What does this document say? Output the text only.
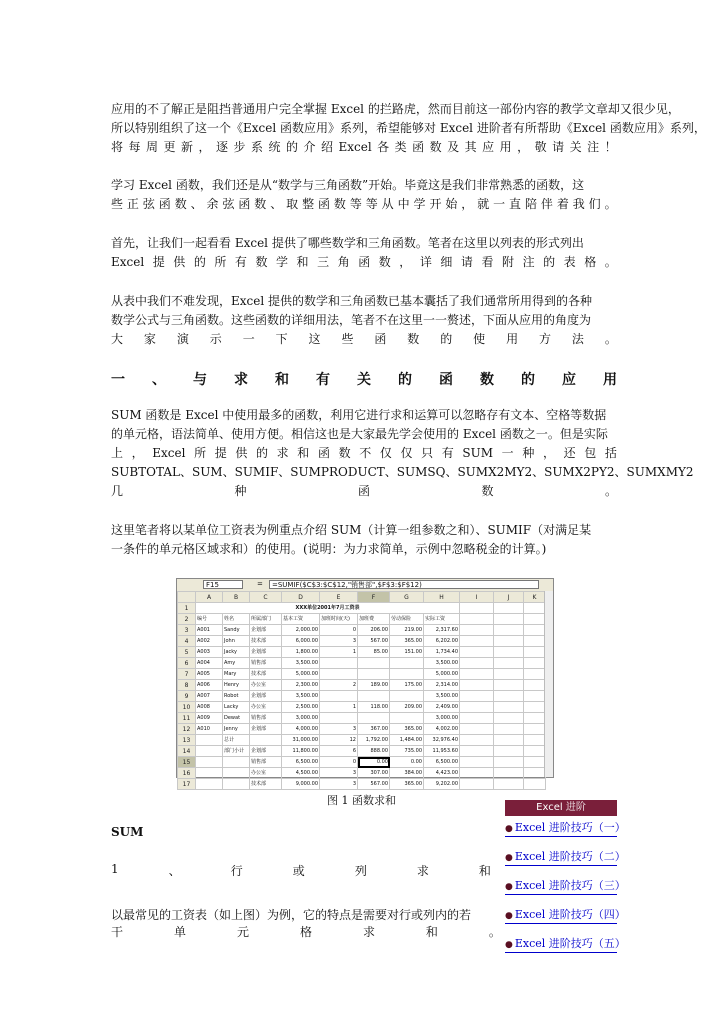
应用的不了解正是阻挡普通用户完全掌握 Excel 的拦路虎，然而目前这一部份内容的教学文章却又很少见，
所以特别组织了这一个《Excel 函数应用》系列，希望能够对 Excel 进阶者有所帮助《Excel 函数应用》系列，
将 每 周 更 新 ， 逐 步 系 统 的 介 绍 Excel 各 类 函 数 及 其 应 用 ， 敬 请 关 注 ！
学习 Excel 函数，我们还是从“数学与三角函数”开始。毕竟这是我们非常熟悉的函数，这
些 正 弦 函 数 、 余 弦 函 数 、 取 整 函 数 等 等 从 中 学 开 始 ， 就 一 直 陪 伴 着 我 们 。
首先，让我们一起看看 Excel 提供了哪些数学和三角函数。笔者在这里以列表的形式列出
Excel 提 供 的 所 有 数 学 和 三 角 函 数 ， 详 细 请 看 附 注 的 表 格 。
从表中我们不难发现，Excel 提供的数学和三角函数已基本囊括了我们通常所用得到的各种
数学公式与三角函数。这些函数的详细用法，笔者不在这里一一赘述，下面从应用的角度为
大 家 演 示 一 下 这 些 函 数 的 使 用 方 法 。
一 、 与 求 和 有 关 的 函 数 的 应 用
SUM 函数是 Excel 中使用最多的函数，利用它进行求和运算可以忽略存有文本、空格等数据
的单元格，语法简单、使用方便。相信这也是大家最先学会使用的 Excel 函数之一。但是实际
上 ， Excel 所 提 供 的 求 和 函 数 不 仅 仅 只 有 SUM 一 种 ， 还 包 括
SUBTOTAL、SUM、SUMIF、SUMPRODUCT、SUMSQ、SUMX2MY2、SUMX2PY2、SUMXMY2
几	种	函	数	。
这里笔者将以某单位工资表为例重点介绍 SUM（计算一组参数之和）、SUMIF（对满足某
一条件的单元格区域求和）的使用。(说明：为力求简单，示例中忽略税金的计算。)
F15	=	=SUMIF($C$3:$C$12,"销售部",$F$3:$F$12)
	A	B	C	D	E	F	G	H	I	J	K
1	XXX单位2001年7月工资表										
2	编号	姓名	所属部门	基本工资	加班时间(天)	加班费	劳动保险	实际工资			
3	A001	Sandy	企划部	2,000.00	0	206.00	219.00	2,317.60			
4	A002	John	技术部	6,000.00	3	567.00	365.00	6,202.00			
5	A003	Jacky	企划部	1,800.00	1	85.00	151.00	1,734.40			
6	A004	Amy	销售部	3,500.00				3,500.00			
7	A005	Mary	技术部	5,000.00				5,000.00			
8	A006	Henry	办公室	2,300.00	2	189.00	175.00	2,314.00			
9	A007	Robot	企划部	3,500.00				3,500.00			
10	A008	Lacky	办公室	2,500.00	1	118.00	209.00	2,409.00			
11	A009	Dewat	销售部	3,000.00				3,000.00			
12	A010	Jenny	企划部	4,000.00	3	367.00	365.00	4,002.00			
13		总计		31,000.00	12	1,792.00	1,484.00	32,976.40			
14		部门小计	企划部	11,800.00	6	888.00	735.00	11,953.60			
15			销售部	6,500.00	0	0.00	0.00	6,500.00			
16			办公室	4,500.00	3	307.00	384.00	4,423.00			
17			技术部	9,000.00	3	567.00	365.00	9,202.00			
图 1 函数求和
Excel 进阶
● Excel 进阶技巧（一）
● Excel 进阶技巧（二）
● Excel 进阶技巧（三）
● Excel 进阶技巧（四）
● Excel 进阶技巧（五）
SUM
1	、	行	或	列	求	和
以最常见的工资表（如上图）为例，它的特点是需要对行或列内的若
干	单	元	格	求	和	。
